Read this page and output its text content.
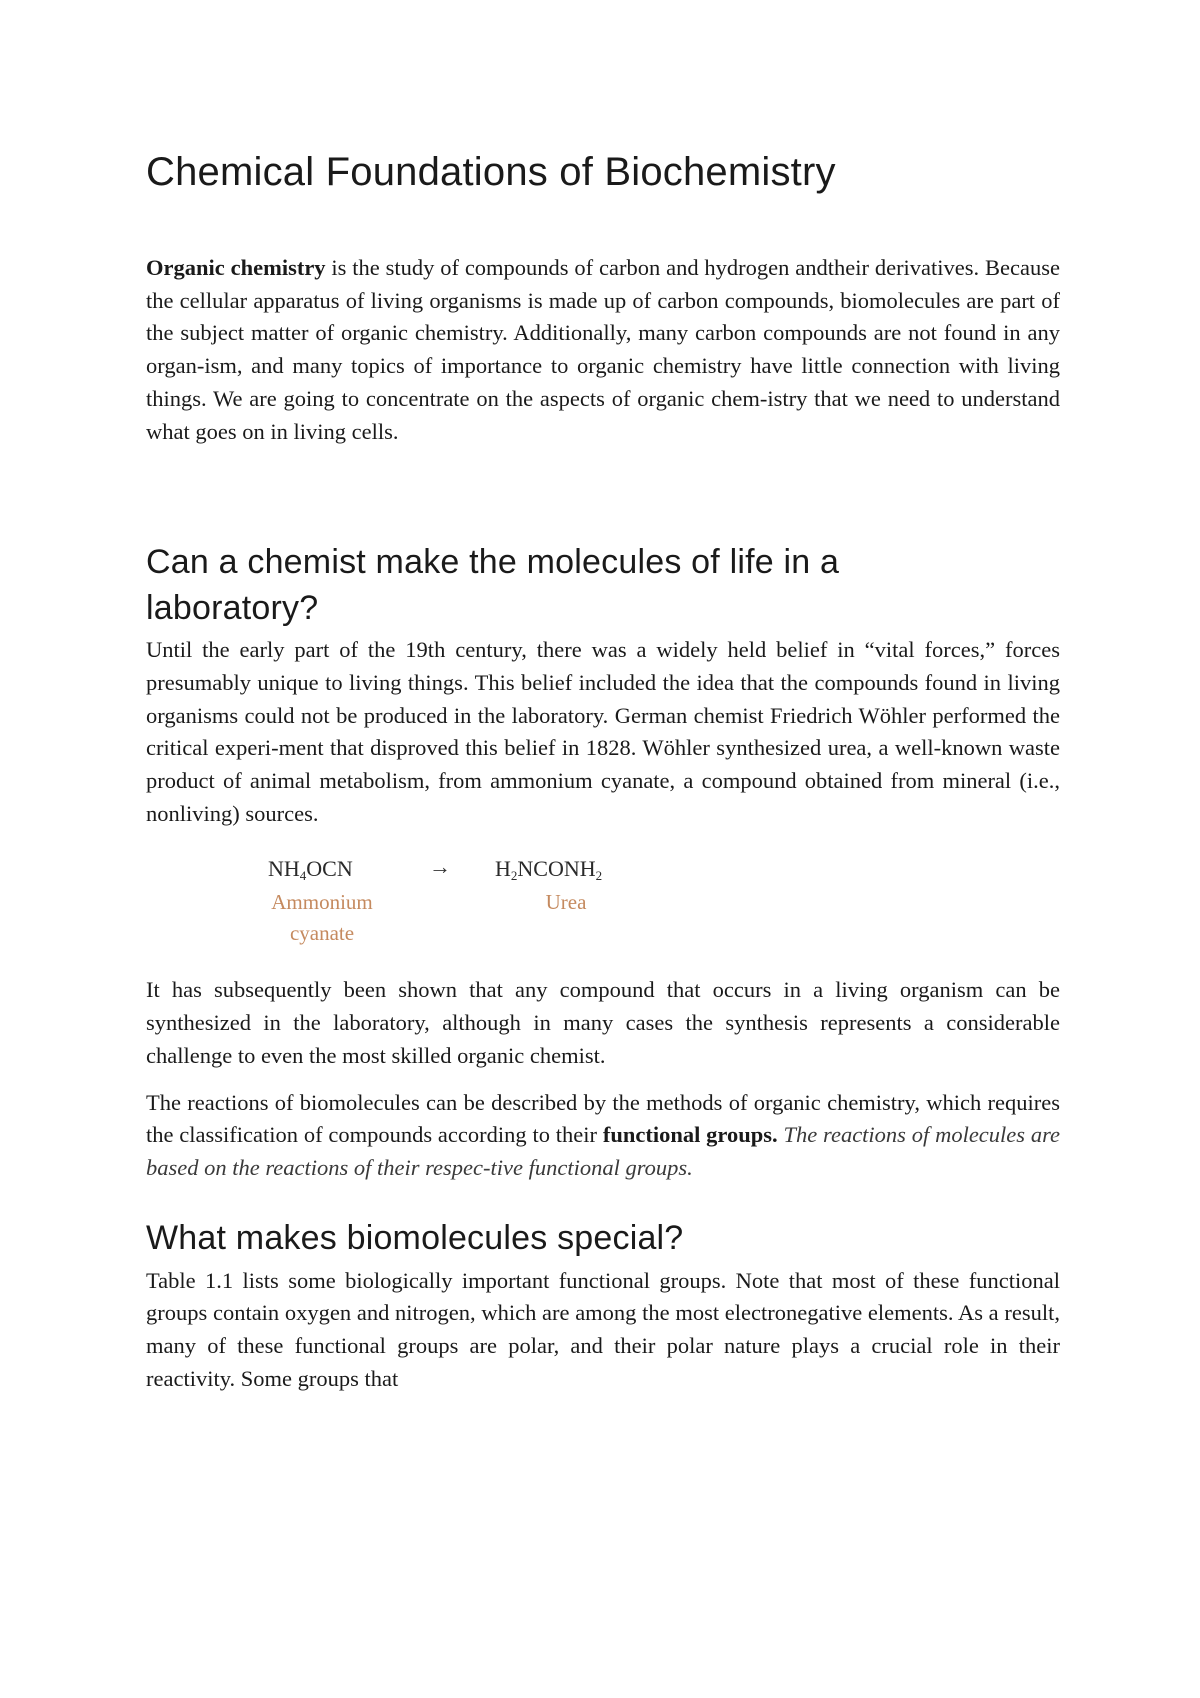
Chemical Foundations of Biochemistry

Organic chemistry is the study of compounds of carbon and hydrogen andtheir derivatives. Because the cellular apparatus of living organisms is made up of carbon compounds, biomolecules are part of the subject matter of organic chemistry. Additionally, many carbon compounds are not found in any organ-ism, and many topics of importance to organic chemistry have little connection with living things. We are going to concentrate on the aspects of organic chem-istry that we need to understand what goes on in living cells.

Can a chemist make the molecules of life in a
laboratory?

Until the early part of the 19th century, there was a widely held belief in “vital forces,” forces presumably unique to living things. This belief included the idea that the compounds found in living organisms could not be produced in the laboratory. German chemist Friedrich Wöhler performed the critical experi-ment that disproved this belief in 1828. Wöhler synthesized urea, a well-known waste product of animal metabolism, from ammonium cyanate, a compound obtained from mineral (i.e., nonliving) sources.

$NH_4OCN$	→ $H_2NCONH_2$
Ammonium
cyanate
Urea

It has subsequently been shown that any compound that occurs in a living organism can be synthesized in the laboratory, although in many cases the synthesis represents a considerable challenge to even the most skilled organic chemist.

The reactions of biomolecules can be described by the methods of organic chemistry, which requires the classification of compounds according to their functional groups. The reactions of molecules are based on the reactions of their respec-tive functional groups.

What makes biomolecules special?

Table 1.1 lists some biologically important functional groups. Note that most of these functional groups contain oxygen and nitrogen, which are among the most electronegative elements. As a result, many of these functional groups are polar, and their polar nature plays a crucial role in their reactivity. Some groups that
